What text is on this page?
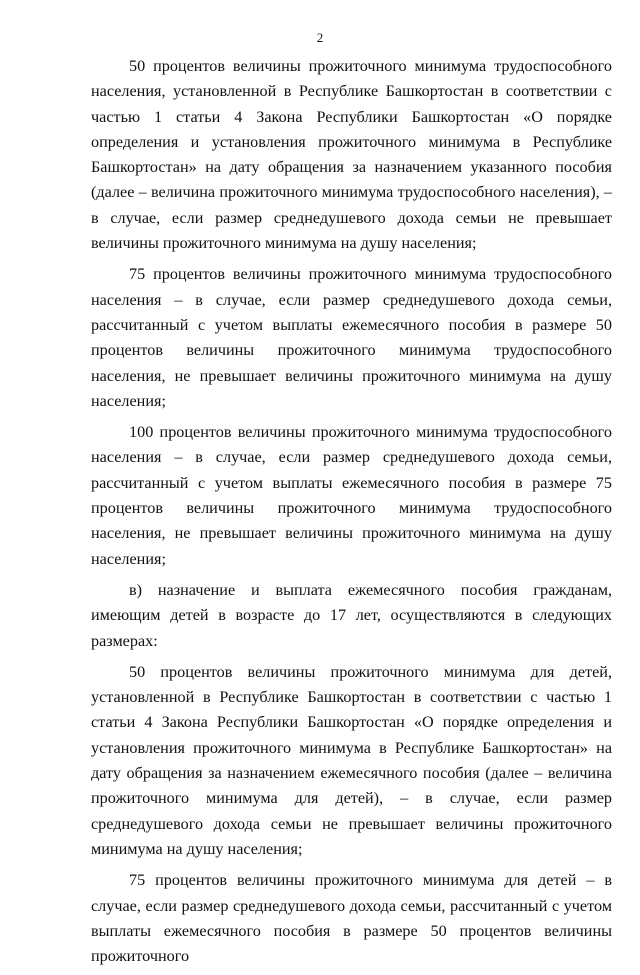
2

50 процентов величины прожиточного минимума трудоспособного населения, установленной в Республике Башкортостан в соответствии с частью 1 статьи 4 Закона Республики Башкортостан «О порядке определения и установления прожиточного минимума в Республике Башкортостан» на дату обращения за назначением указанного пособия (далее – величина прожиточного минимума трудоспособного населения), – в случае, если размер среднедушевого дохода семьи не превышает величины прожиточного минимума на душу населения;

75 процентов величины прожиточного минимума трудоспособного населения – в случае, если размер среднедушевого дохода семьи, рассчитанный с учетом выплаты ежемесячного пособия в размере 50 процентов величины прожиточного минимума трудоспособного населения, не превышает величины прожиточного минимума на душу населения;

100 процентов величины прожиточного минимума трудоспособного населения – в случае, если размер среднедушевого дохода семьи, рассчитанный с учетом выплаты ежемесячного пособия в размере 75 процентов величины прожиточного минимума трудоспособного населения, не превышает величины прожиточного минимума на душу населения;

в) назначение и выплата ежемесячного пособия гражданам, имеющим детей в возрасте до 17 лет, осуществляются в следующих размерах:

50 процентов величины прожиточного минимума для детей, установленной в Республике Башкортостан в соответствии с частью 1 статьи 4 Закона Республики Башкортостан «О порядке определения и установления прожиточного минимума в Республике Башкортостан» на дату обращения за назначением ежемесячного пособия (далее – величина прожиточного минимума для детей), – в случае, если размер среднедушевого дохода семьи не превышает величины прожиточного минимума на душу населения;

75 процентов величины прожиточного минимума для детей – в случае, если размер среднедушевого дохода семьи, рассчитанный с учетом выплаты ежемесячного пособия в размере 50 процентов величины прожиточного
